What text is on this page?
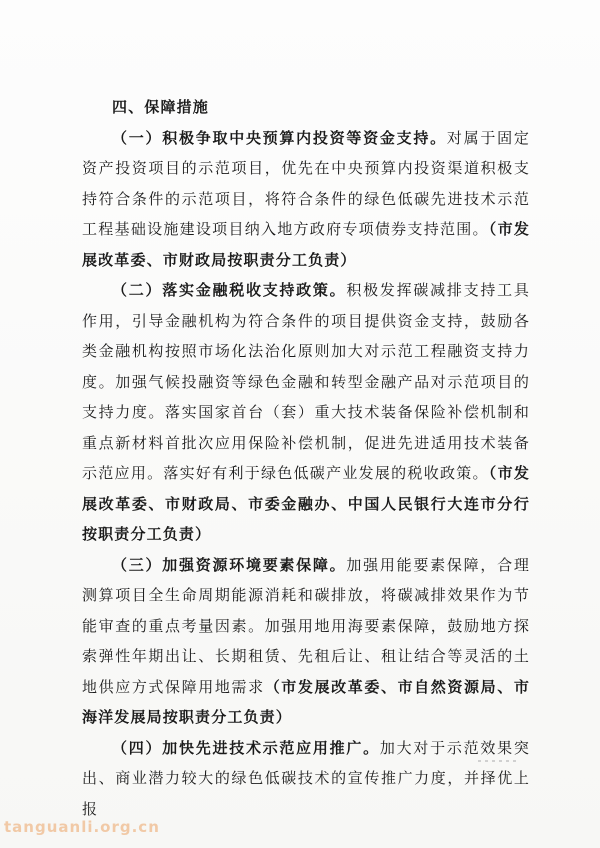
四、保障措施

（一）积极争取中央预算内投资等资金支持。对属于固定资产投资项目的示范项目，优先在中央预算内投资渠道积极支持符合条件的示范项目，将符合条件的绿色低碳先进技术示范工程基础设施建设项目纳入地方政府专项债券支持范围。（市发展改革委、市财政局按职责分工负责）

（二）落实金融税收支持政策。积极发挥碳减排支持工具作用，引导金融机构为符合条件的项目提供资金支持，鼓励各类金融机构按照市场化法治化原则加大对示范工程融资支持力度。加强气候投融资等绿色金融和转型金融产品对示范项目的支持力度。落实国家首台（套）重大技术装备保险补偿机制和重点新材料首批次应用保险补偿机制，促进先进适用技术装备示范应用。落实好有利于绿色低碳产业发展的税收政策。（市发展改革委、市财政局、市委金融办、中国人民银行大连市分行按职责分工负责）

（三）加强资源环境要素保障。加强用能要素保障，合理测算项目全生命周期能源消耗和碳排放，将碳减排效果作为节能审查的重点考量因素。加强用地用海要素保障，鼓励地方探索弹性年期出让、长期租赁、先租后让、租让结合等灵活的土地供应方式保障用地需求（市发展改革委、市自然资源局、市海洋发展局按职责分工负责）

（四）加快先进技术示范应用推广。加大对于示范效果突出、商业潜力较大的绿色低碳技术的宣传推广力度，并择优上报

tanguanli.org.cn
